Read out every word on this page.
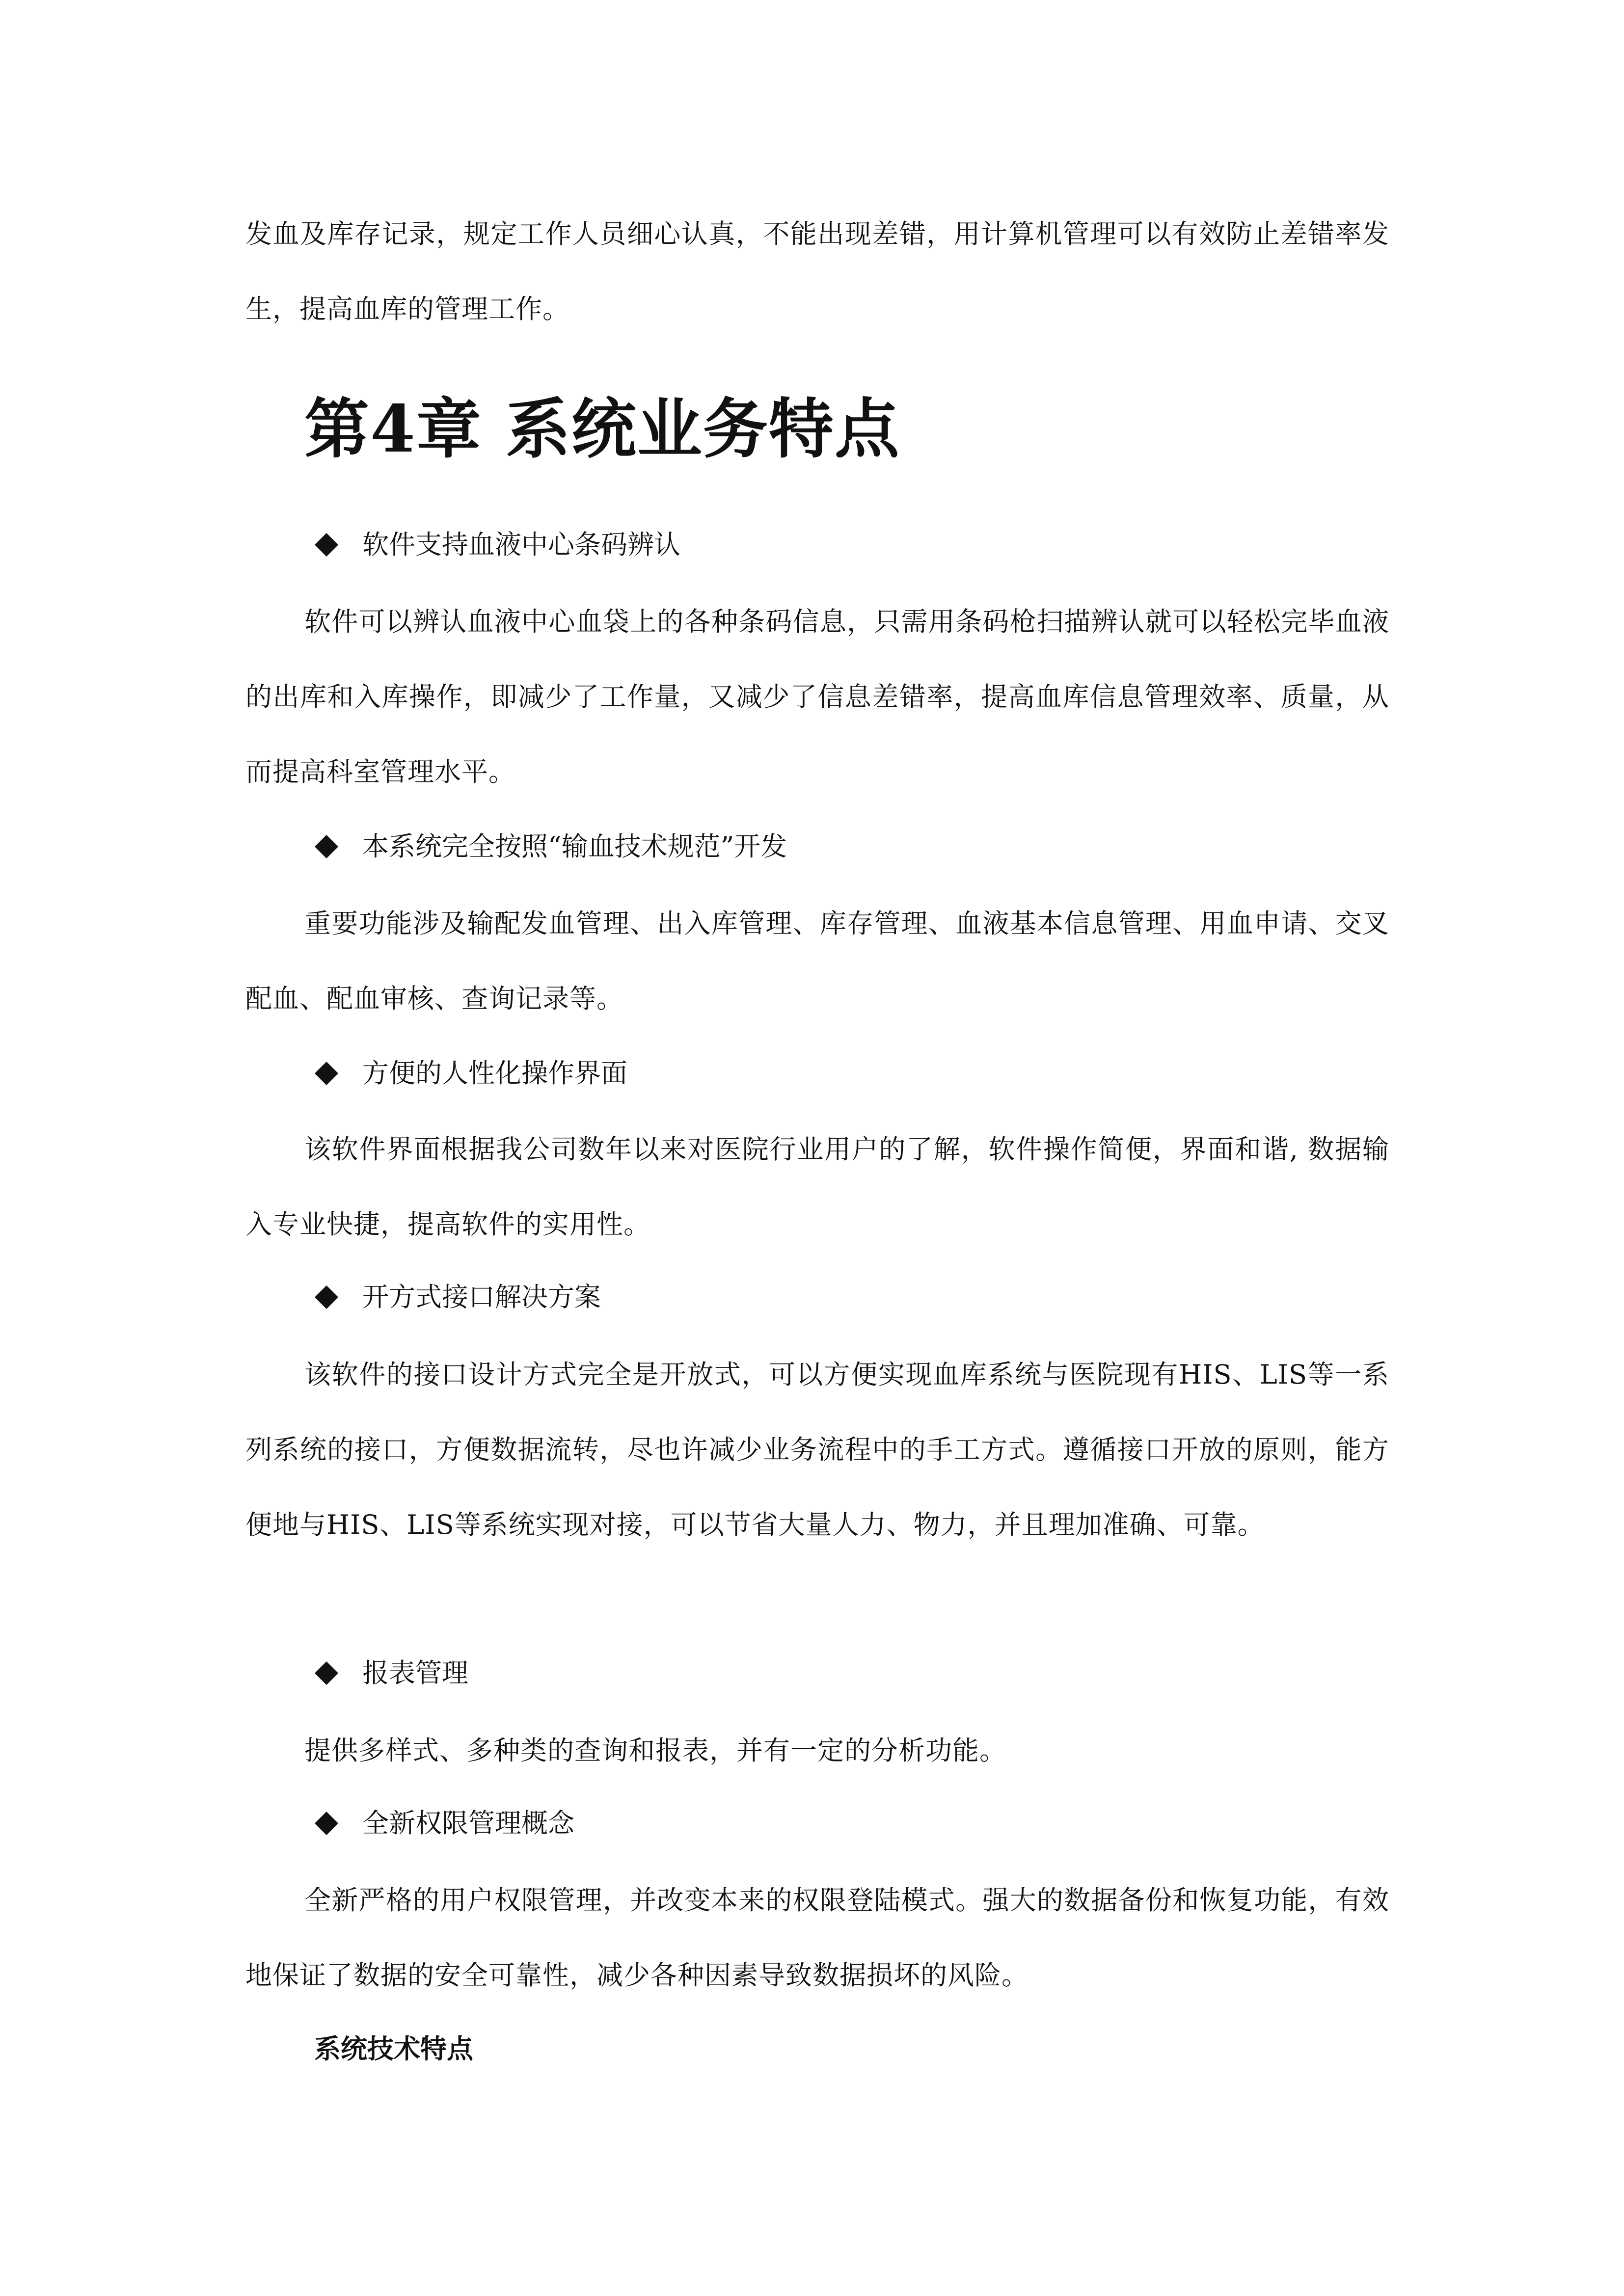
发血及库存记录，规定工作人员细心认真，不能出现差错，用计算机管理可以有效防止差错率发生，提高血库的管理工作。

第4章 系统业务特点
软件支持血液中心条码辨认

软件可以辨认血液中心血袋上的各种条码信息，只需用条码枪扫描辨认就可以轻松完毕血液的出库和入库操作，即减少了工作量，又减少了信息差错率，提高血库信息管理效率、质量，从而提高科室管理水平。

本系统完全按照“输血技术规范”开发

重要功能涉及输配发血管理、出入库管理、库存管理、血液基本信息管理、用血申请、交叉配血、配血审核、查询记录等。

方便的人性化操作界面

该软件界面根据我公司数年以来对医院行业用户的了解，软件操作简便，界面和谐, 数据输入专业快捷，提高软件的实用性。

开方式接口解决方案

该软件的接口设计方式完全是开放式，可以方便实现血库系统与医院现有HIS、LIS等一系列系统的接口，方便数据流转，尽也许减少业务流程中的手工方式。遵循接口开放的原则，能方便地与HIS、LIS等系统实现对接，可以节省大量人力、物力，并且理加准确、可靠。

报表管理

提供多样式、多种类的查询和报表，并有一定的分析功能。

全新权限管理概念

全新严格的用户权限管理，并改变本来的权限登陆模式。强大的数据备份和恢复功能，有效地保证了数据的安全可靠性，减少各种因素导致数据损坏的风险。

系统技术特点
